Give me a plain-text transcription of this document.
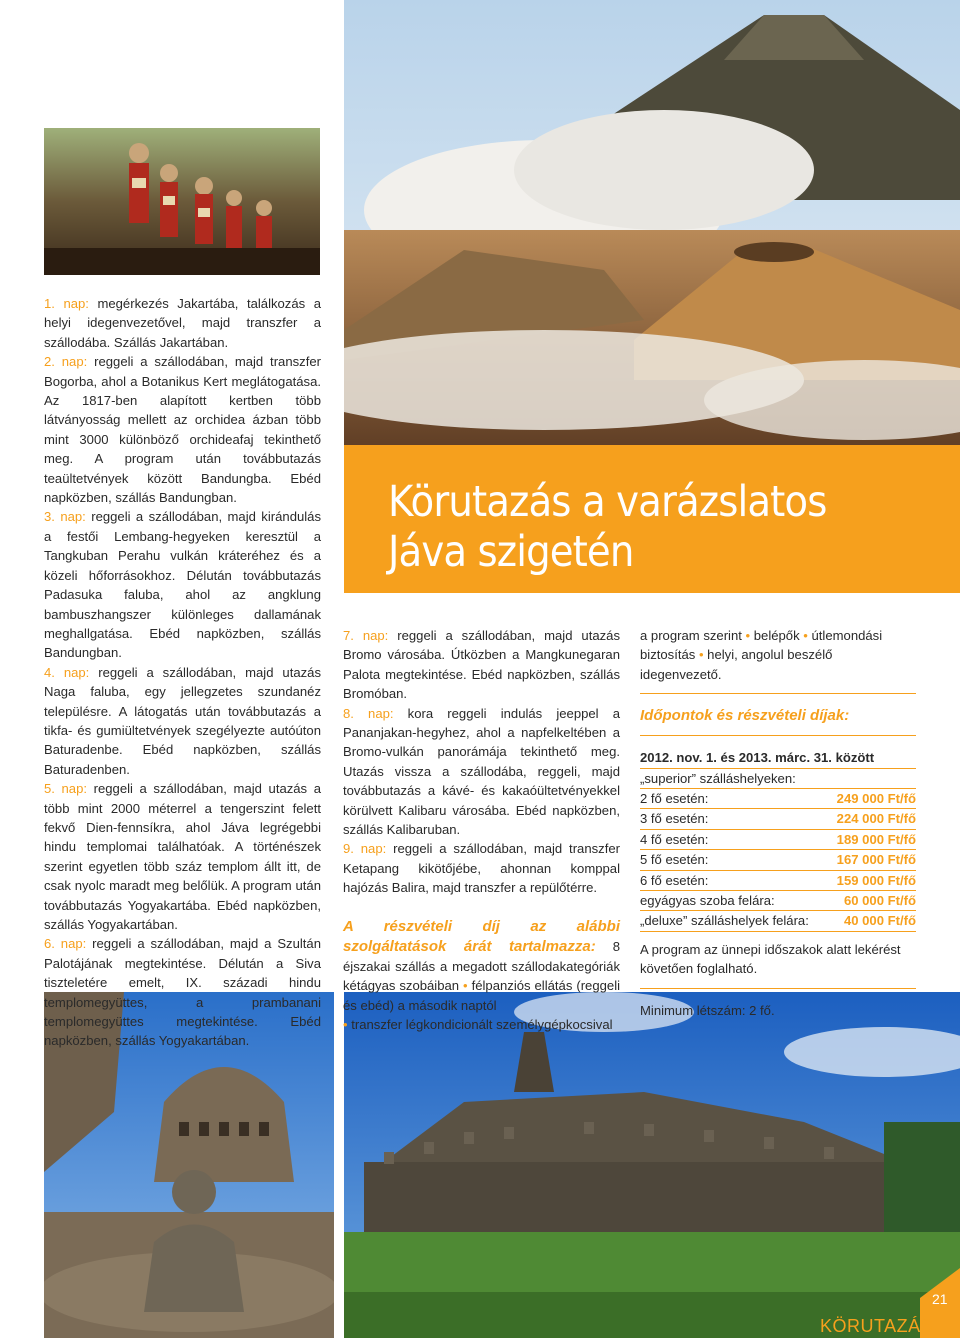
Körutazás a varázslatos
Jáva szigetén

1. nap: megérkezés Jakartába, találkozás a helyi idegenvezetővel, majd transzfer a szállodába. Szállás Jakartában.

2. nap: reggeli a szállodában, majd transzfer Bogorba, ahol a Botanikus Kert meglátogatása. Az 1817-ben alapított kertben több látványosság mellett az orchidea ázban több mint 3000 különböző orchideafaj tekinthető meg. A program után továbbutazás teaültetvények között Bandungba. Ebéd napközben, szállás Bandungban.

3. nap: reggeli a szállodában, majd kirándulás a festői Lembang-hegyeken keresztül a Tangkuban Perahu vulkán kráteréhez és a közeli hőforrásokhoz. Délután továbbutazás Padasuka faluba, ahol az angklung bambuszhangszer különleges dallamának meghallgatása. Ebéd napközben, szállás Bandungban.

4. nap: reggeli a szállodában, majd utazás Naga faluba, egy jellegzetes szundanéz településre. A látogatás után továbbutazás a tikfa- és gumiültetvények szegélyezte autóúton Baturadenbe. Ebéd napközben, szállás Baturadenben.

5. nap: reggeli a szállodában, majd utazás a több mint 2000 méterrel a tengerszint felett fekvő Dien-fennsíkra, ahol Jáva legrégebbi hindu templomai találhatóak. A történészek szerint egyetlen több száz templom állt itt, de csak nyolc maradt meg belőlük. A program után továbbutazás Yogyakartába. Ebéd napközben, szállás Yogyakartában.

6. nap: reggeli a szállodában, majd a Szultán Palotájának megtekintése. Délután a Siva tiszteletére emelt, IX. századi hindu templomegyüttes, a prambanani templomegyüttes megtekintése. Ebéd napközben, szállás Yogyakartában.

7. nap: reggeli a szállodában, majd utazás Bromo városába. Útközben a Mangkunegaran Palota megtekintése. Ebéd napközben, szállás Bromóban.

8. nap: kora reggeli indulás jeeppel a Pananjakan-hegyhez, ahol a napfelkeltében a Bromo-vulkán panorámája tekinthető meg. Utazás vissza a szállodába, reggeli, majd továbbutazás a kávé- és kakaóültetvényekkel körülvett Kalibaru városába. Ebéd napközben, szállás Kalibaruban.

9. nap: reggeli a szállodában, majd transzfer Ketapang kikötőjébe, ahonnan komppal hajózás Balira, majd transzfer a repülőtérre.

A részvételi díj az alábbi szolgáltatások árát tartalmazza: 8 éjszakai szállás a megadott szállodakategóriák kétágyas szobáiban • félpanziós ellátás (reggeli és ebéd) a második naptól
• transzfer légkondicionált személygépkocsival

a program szerint • belépők • útlemondási biztosítás • helyi, angolul beszélő idegenvezető.

Időpontok és részvételi díjak:
2012. nov. 1. és 2013. márc. 31. között	
„superior” szálláshelyeken:	
2 fő esetén:	249 000 Ft/fő
3 fő esetén:	224 000 Ft/fő
4 fő esetén:	189 000 Ft/fő
5 fő esetén:	167 000 Ft/fő
6 fő esetén:	159 000 Ft/fő
egyágyas szoba felára:	60 000 Ft/fő
„deluxe” szálláshelyek felára:	40 000 Ft/fő

A program az ünnepi időszakok alatt lekérést követően foglalható.

Minimum létszám: 2 fő.

21
KÖRUTAZÁS
